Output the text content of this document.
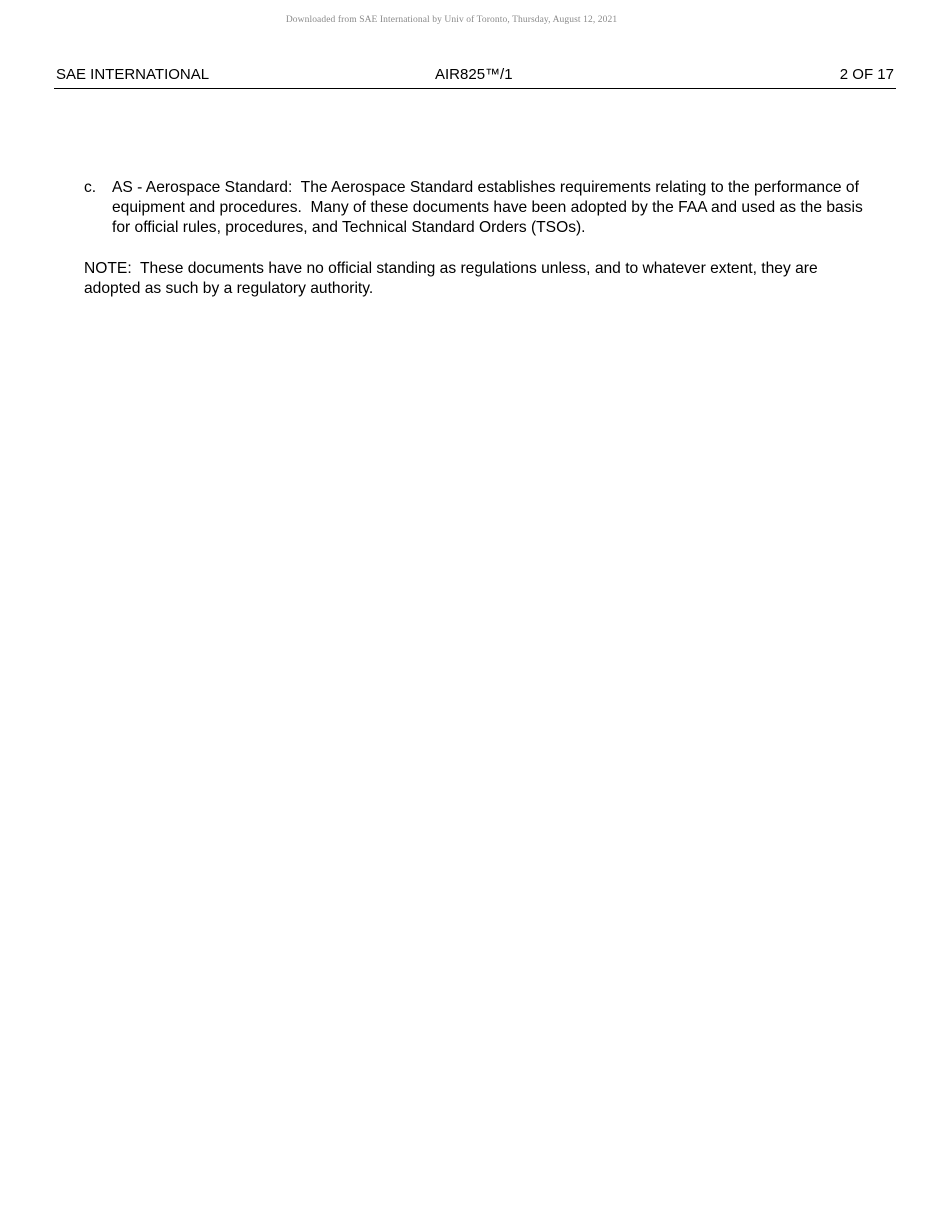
Downloaded from SAE International by Univ of Toronto, Thursday, August 12, 2021
SAE INTERNATIONAL	AIR825™/1	2 OF 17
c.	AS - Aerospace Standard:  The Aerospace Standard establishes requirements relating to the performance of equipment and procedures.  Many of these documents have been adopted by the FAA and used as the basis for official rules, procedures, and Technical Standard Orders (TSOs).
NOTE:  These documents have no official standing as regulations unless, and to whatever extent, they are adopted as such by a regulatory authority.
